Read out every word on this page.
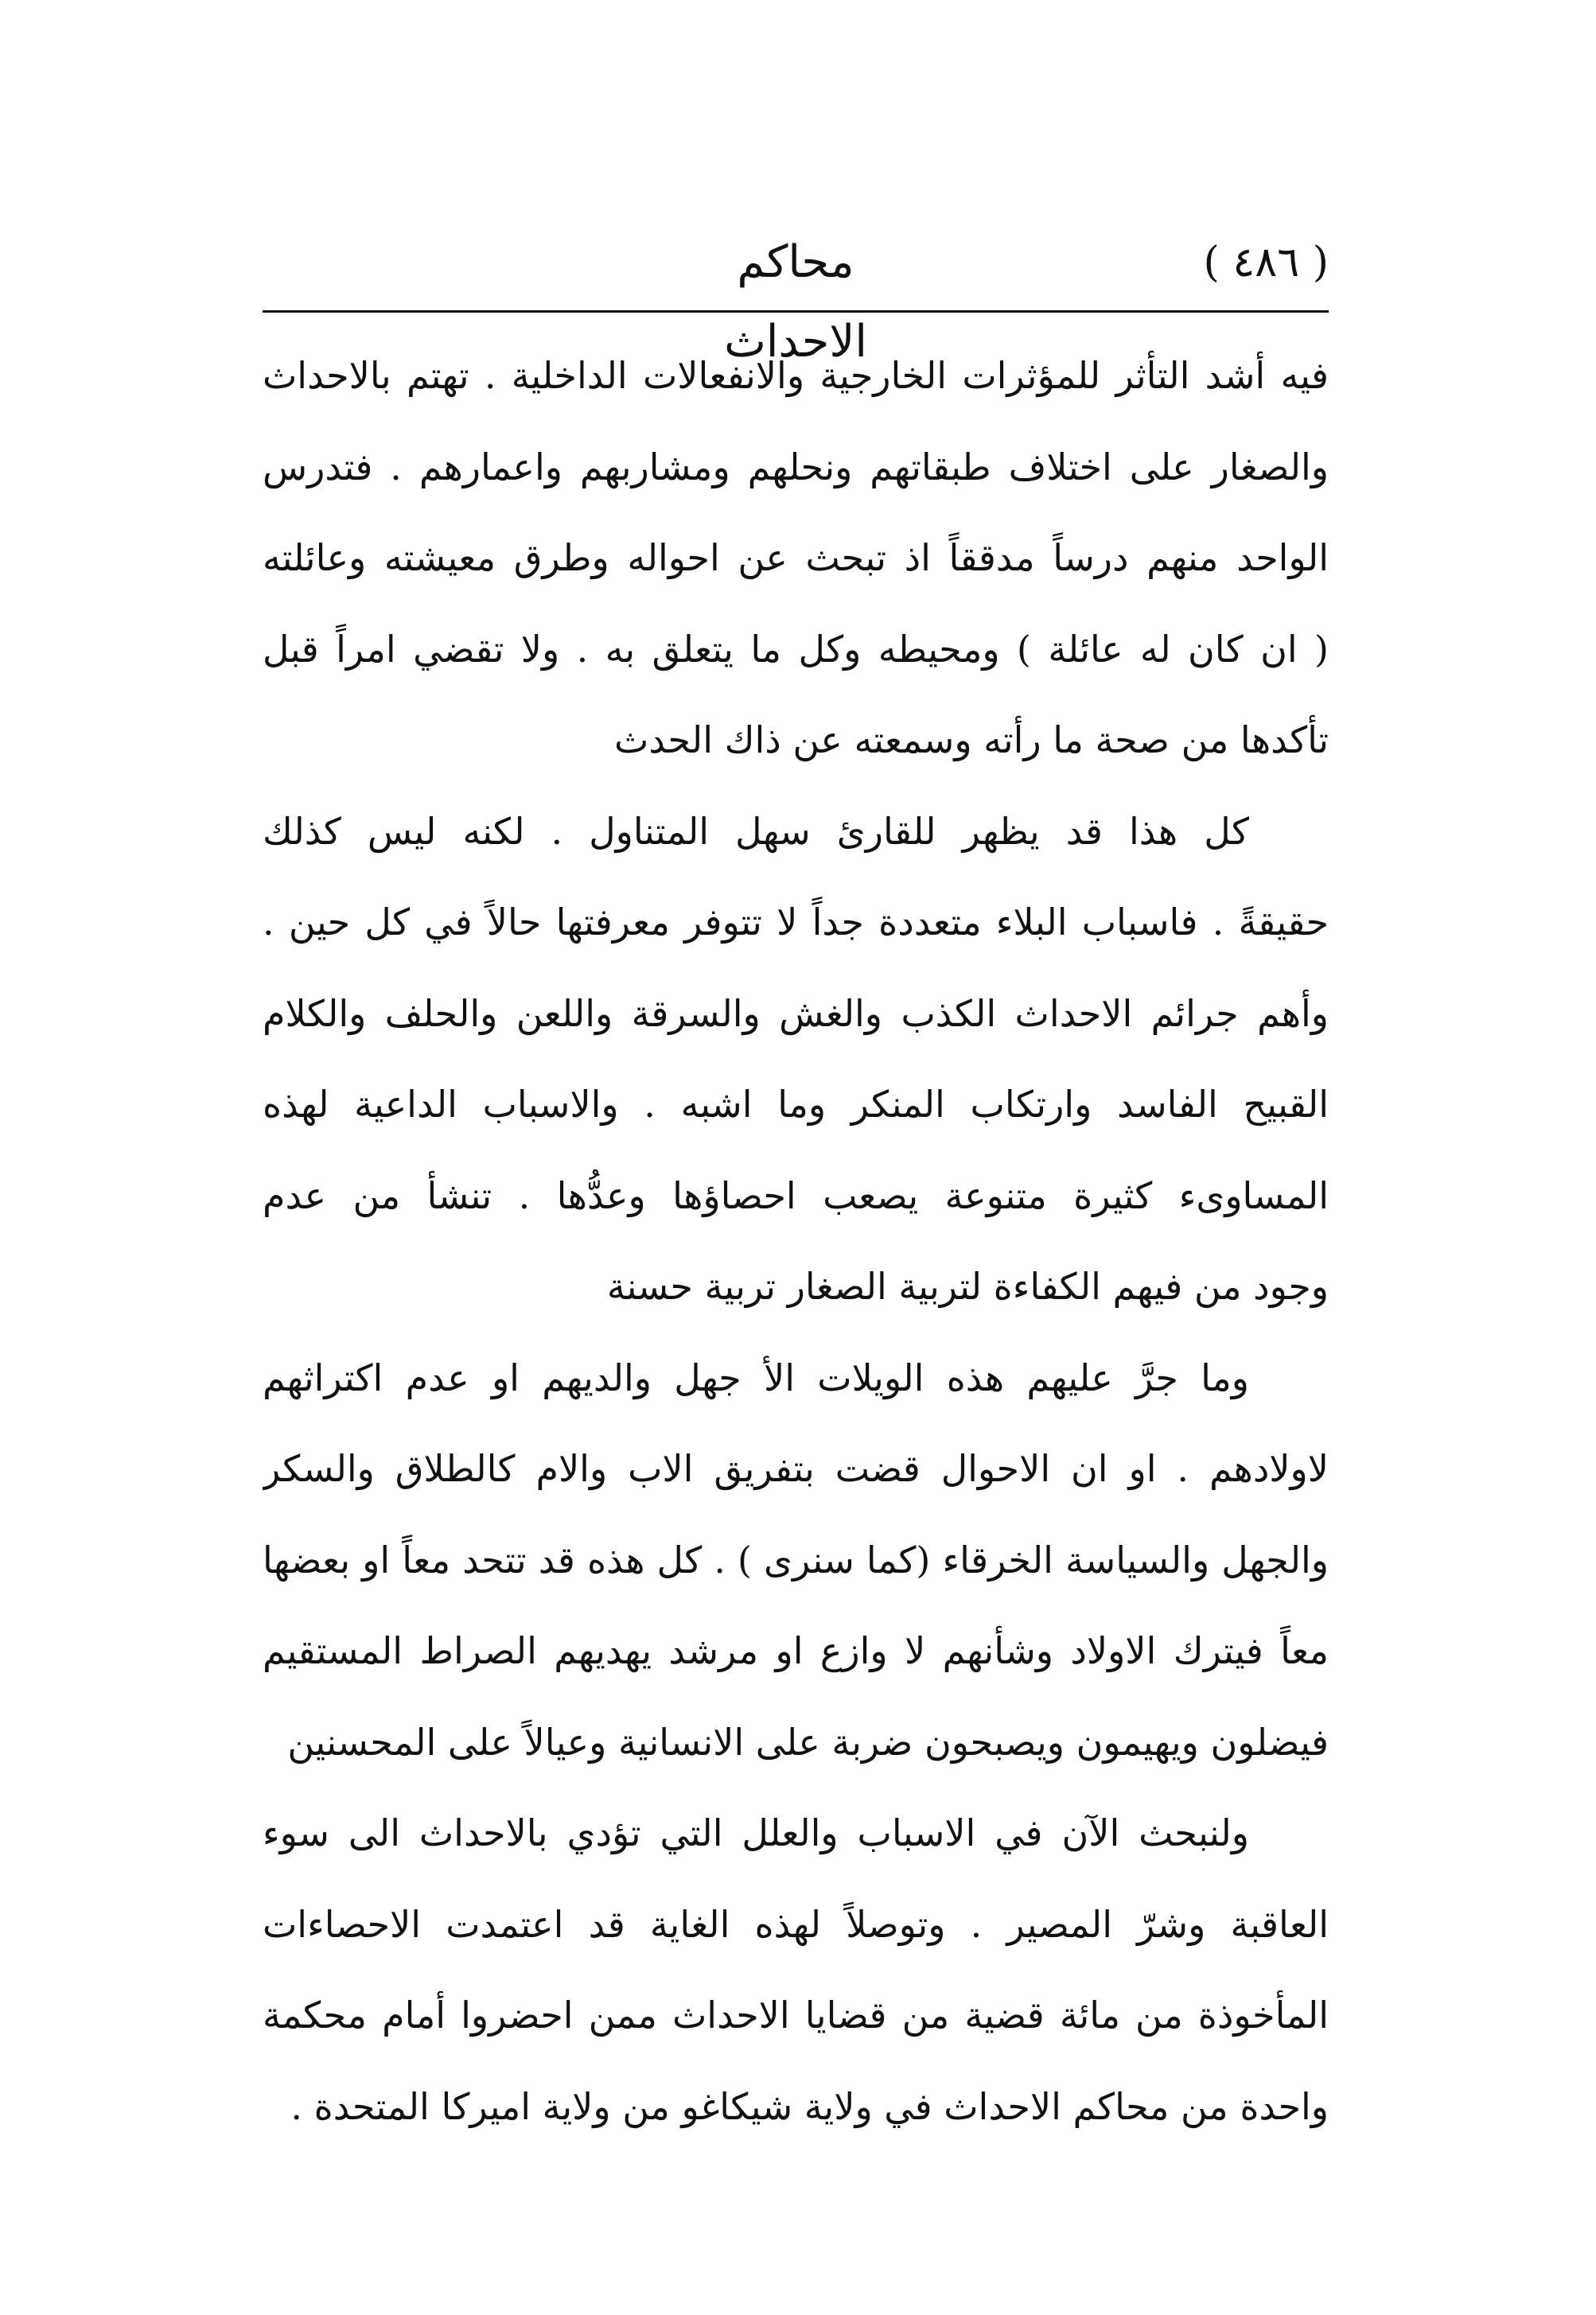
محاكم الاحداث
( ٤٨٦ )
فيه أشد التأثر للمؤثرات الخارجية والانفعالات الداخلية . تهتم بالاحداث
والصغار على اختلاف طبقاتهم ونحلهم ومشاربهم واعمارهم . فتدرس
الواحد منهم درساً مدققاً اذ تبحث عن احواله وطرق معيشته وعائلته
( ان كان له عائلة ) ومحيطه وكل ما يتعلق به . ولا تقضي امراً قبل
تأكدها من صحة ما رأته وسمعته عن ذاك الحدث
كل هذا قد يظهر للقارئ سهل المتناول . لكنه ليس كذلك
حقيقةً . فاسباب البلاء متعددة جداً لا تتوفر معرفتها حالاً في كل حين .
وأهم جرائم الاحداث الكذب والغش والسرقة واللعن والحلف والكلام
القبيح الفاسد وارتكاب المنكر وما اشبه . والاسباب الداعية لهذه
المساوىء كثيرة متنوعة يصعب احصاؤها وعدُّها . تنشأ من عدم
وجود من فيهم الكفاءة لتربية الصغار تربية حسنة
وما جرَّ عليهم هذه الويلات الأ جهل والديهم او عدم اكتراثهم
لاولادهم . او ان الاحوال قضت بتفريق الاب والام كالطلاق والسكر
والجهل والسياسة الخرقاء (كما سنرى ) . كل هذه قد تتحد معاً او بعضها
معاً فيترك الاولاد وشأنهم لا وازع او مرشد يهديهم الصراط المستقيم
فيضلون ويهيمون ويصبحون ضربة على الانسانية وعيالاً على المحسنين
ولنبحث الآن في الاسباب والعلل التي تؤدي بالاحداث الى سوء
العاقبة وشرّ المصير . وتوصلاً لهذه الغاية قد اعتمدت الاحصاءات
المأخوذة من مائة قضية من قضايا الاحداث ممن احضروا أمام محكمة
واحدة من محاكم الاحداث في ولاية شيكاغو من ولاية اميركا المتحدة .
